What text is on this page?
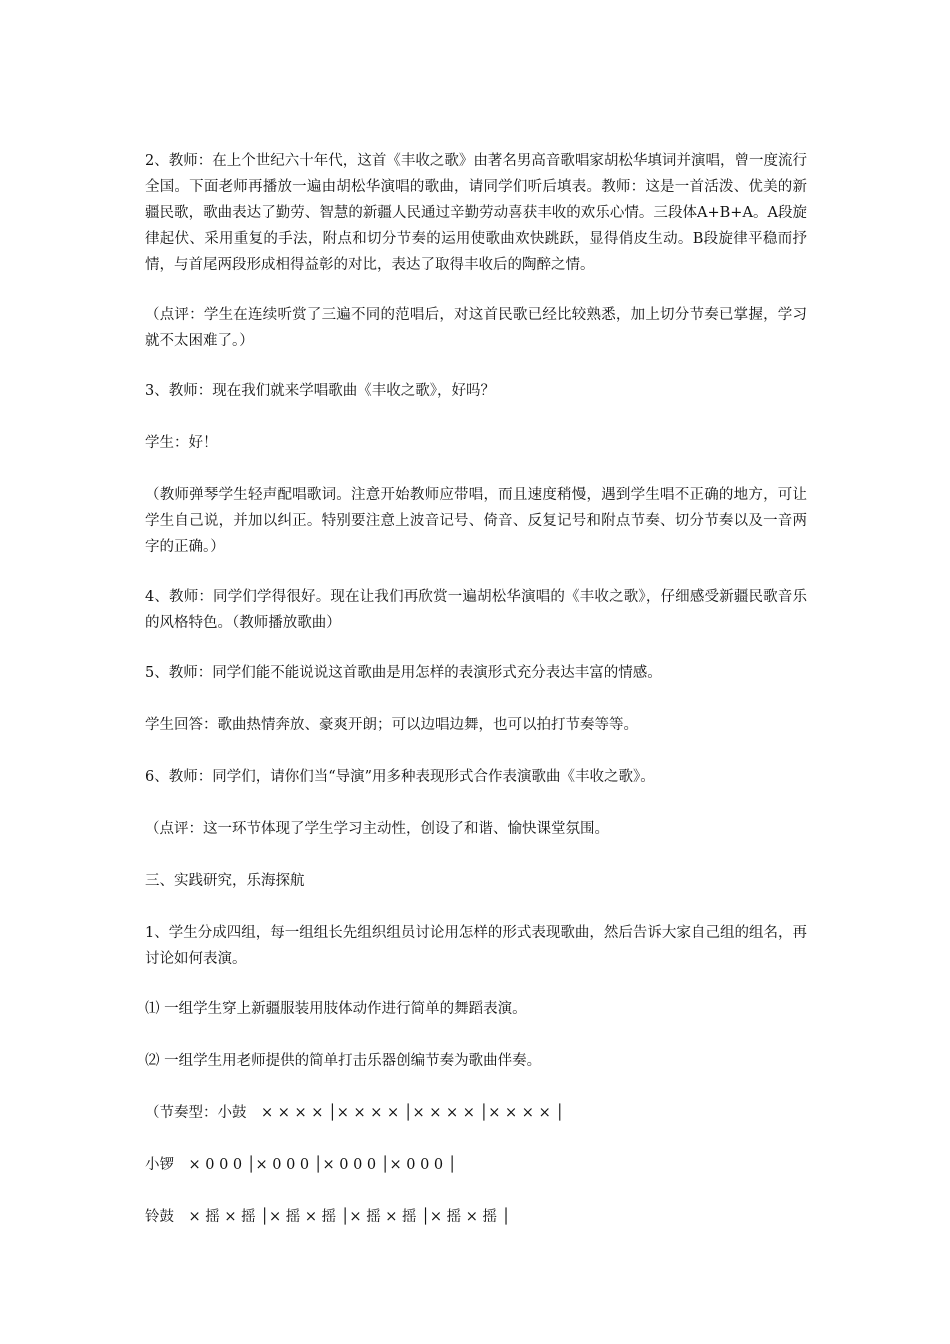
2、教师：在上个世纪六十年代，这首《丰收之歌》由著名男高音歌唱家胡松华填词并演唱，曾一度流行全国。下面老师再播放一遍由胡松华演唱的歌曲，请同学们听后填表。教师：这是一首活泼、优美的新疆民歌，歌曲表达了勤劳、智慧的新疆人民通过辛勤劳动喜获丰收的欢乐心情。三段体A+B+A。A段旋律起伏、采用重复的手法，附点和切分节奏的运用使歌曲欢快跳跃，显得俏皮生动。B段旋律平稳而抒情，与首尾两段形成相得益彰的对比，表达了取得丰收后的陶醉之情。

（点评：学生在连续听赏了三遍不同的范唱后，对这首民歌已经比较熟悉，加上切分节奏已掌握，学习就不太困难了。）

3、教师：现在我们就来学唱歌曲《丰收之歌》，好吗？

学生：好！

（教师弹琴学生轻声配唱歌词。注意开始教师应带唱，而且速度稍慢，遇到学生唱不正确的地方，可让学生自己说，并加以纠正。特别要注意上波音记号、倚音、反复记号和附点节奏、切分节奏以及一音两字的正确。）

4、教师：同学们学得很好。现在让我们再欣赏一遍胡松华演唱的《丰收之歌》，仔细感受新疆民歌音乐的风格特色。（教师播放歌曲）

5、教师：同学们能不能说说这首歌曲是用怎样的表演形式充分表达丰富的情感。

学生回答：歌曲热情奔放、豪爽开朗；可以边唱边舞，也可以拍打节奏等等。

6、教师：同学们，请你们当“导演”用多种表现形式合作表演歌曲《丰收之歌》。

（点评：这一环节体现了学生学习主动性，创设了和谐、愉快课堂氛围。

三、实践研究，乐海探航

1、学生分成四组，每一组组长先组织组员讨论用怎样的形式表现歌曲，然后告诉大家自己组的组名，再讨论如何表演。

⑴ 一组学生穿上新疆服装用肢体动作进行简单的舞蹈表演。

⑵ 一组学生用老师提供的简单打击乐器创编节奏为歌曲伴奏。

（节奏型：小鼓　× × × × │× × × × │× × × × │× × × × │

小锣　× 0 0 0 │× 0 0 0 │× 0 0 0 │× 0 0 0 │

铃鼓　× 摇 × 摇 │× 摇 × 摇 │× 摇 × 摇 │× 摇 × 摇 │
